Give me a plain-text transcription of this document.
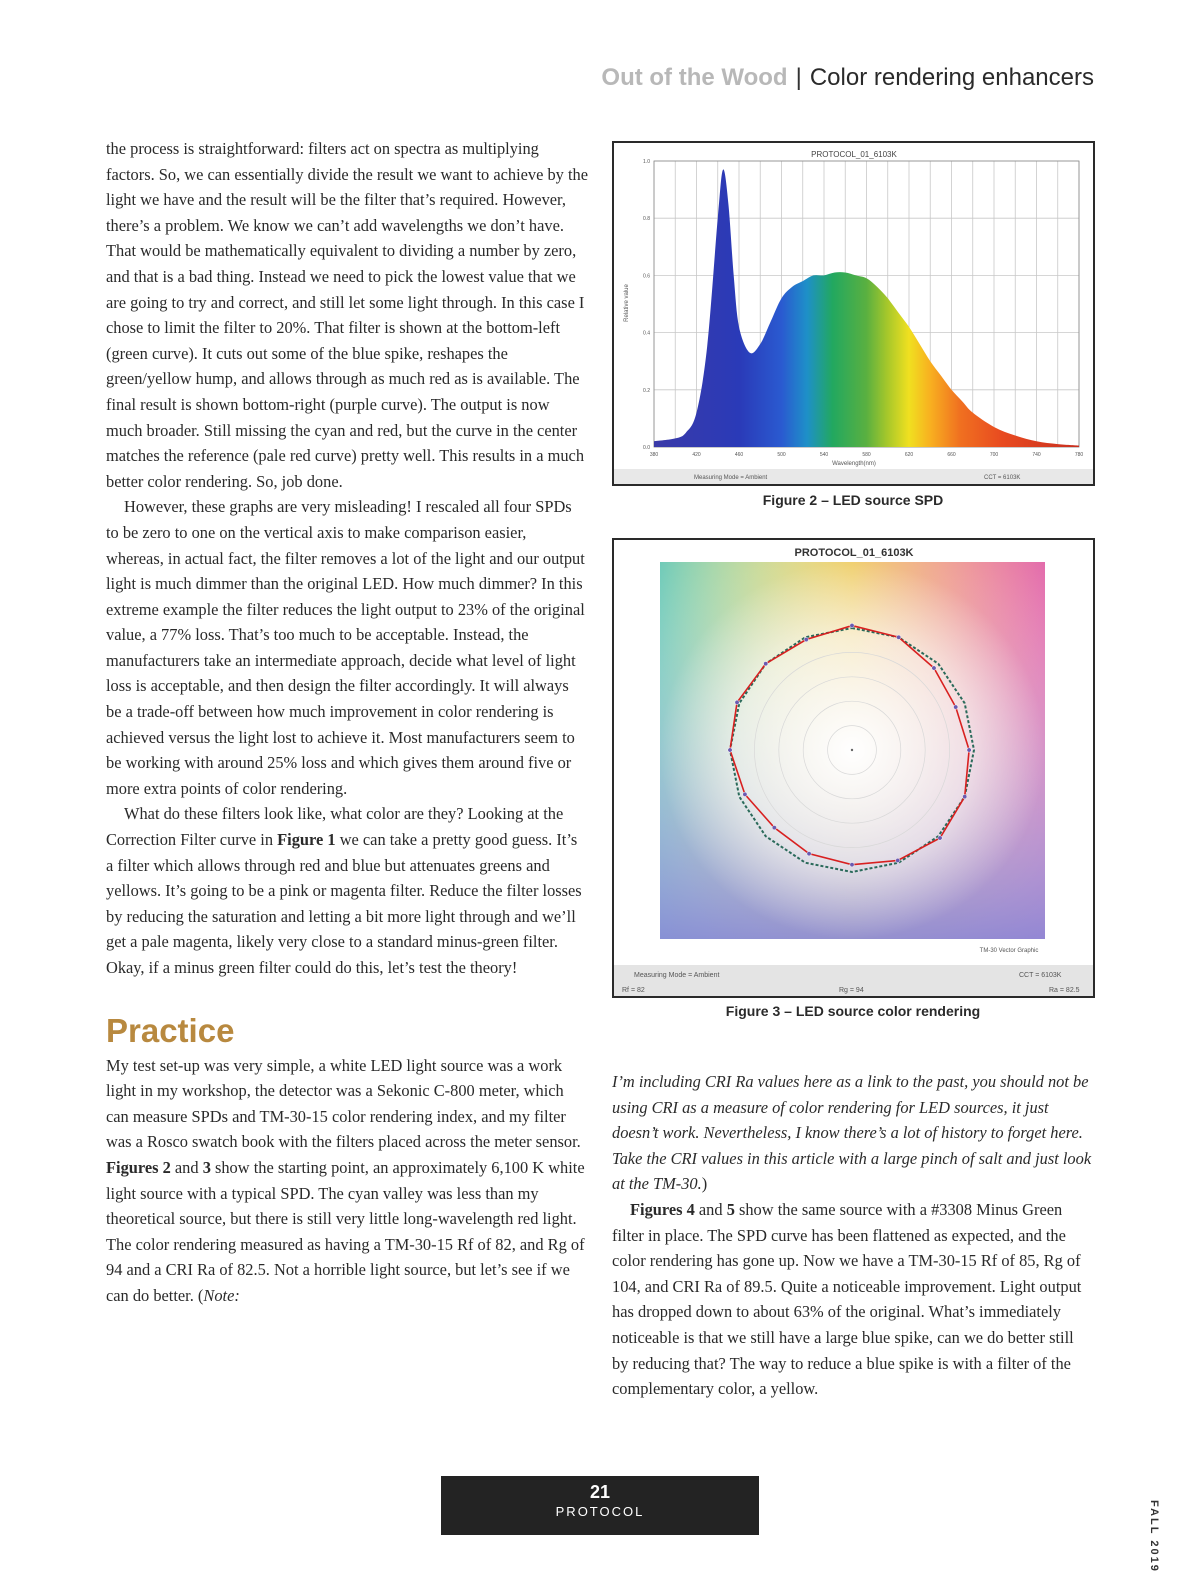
Out of the Wood | Color rendering enhancers

the process is straightforward: filters act on spectra as multiplying factors. So, we can essentially divide the result we want to achieve by the light we have and the result will be the filter that’s required. However, there’s a problem. We know we can’t add wavelengths we don’t have. That would be mathematically equivalent to dividing a number by zero, and that is a bad thing. Instead we need to pick the lowest value that we are going to try and correct, and still let some light through. In this case I chose to limit the filter to 20%. That filter is shown at the bottom-left (green curve). It cuts out some of the blue spike, reshapes the green/yellow hump, and allows through as much red as is available. The final result is shown bottom-right (purple curve). The output is now much broader. Still missing the cyan and red, but the curve in the center matches the reference (pale red curve) pretty well. This results in a much better color rendering. So, job done.

However, these graphs are very misleading! I rescaled all four SPDs to be zero to one on the vertical axis to make comparison easier, whereas, in actual fact, the filter removes a lot of the light and our output light is much dimmer than the original LED. How much dimmer? In this extreme example the filter reduces the light output to 23% of the original value, a 77% loss. That’s too much to be acceptable. Instead, the manufacturers take an intermediate approach, decide what level of light loss is acceptable, and then design the filter accordingly. It will always be a trade-off between how much improvement in color rendering is achieved versus the light lost to achieve it. Most manufacturers seem to be working with around 25% loss and which gives them around five or more extra points of color rendering.

What do these filters look like, what color are they? Looking at the Correction Filter curve in Figure 1 we can take a pretty good guess. It’s a filter which allows through red and blue but attenuates greens and yellows. It’s going to be a pink or magenta filter. Reduce the filter losses by reducing the saturation and letting a bit more light through and we’ll get a pale magenta, likely very close to a standard minus-green filter. Okay, if a minus green filter could do this, let’s test the theory!

Practice

My test set-up was very simple, a white LED light source was a work light in my workshop, the detector was a Sekonic C-800 meter, which can measure SPDs and TM-30-15 color rendering index, and my filter was a Rosco swatch book with the filters placed across the meter sensor. Figures 2 and 3 show the starting point, an approximately 6,100 K white light source with a typical SPD. The cyan valley was less than my theoretical source, but there is still very little long-wavelength red light. The color rendering measured as having a TM-30-15 Rf of 82, and Rg of 94 and a CRI Ra of 82.5. Not a horrible light source, but let’s see if we can do better. (Note:

PROTOCOL_01_6103K
0.0
0.2
0.4
0.6
0.8
1.0
380	420	460	500	540	580	620	660	700	740	780
Wavelength(nm)
Relative value
Measuring Mode = Ambient	CCT = 6103K
Figure 2 – LED source SPD
PROTOCOL_01_6103K
TM-30 Vector Graphic
Measuring Mode = Ambient	CCT = 6103K
Rf = 82	Rg = 94	Ra = 82.5
Figure 3 – LED source color rendering

I’m including CRI Ra values here as a link to the past, you should not be using CRI as a measure of color rendering for LED sources, it just doesn’t work. Nevertheless, I know there’s a lot of history to forget here. Take the CRI values in this article with a large pinch of salt and just look at the TM-30.)

Figures 4 and 5 show the same source with a #3308 Minus Green filter in place. The SPD curve has been flattened as expected, and the color rendering has gone up. Now we have a TM-30-15 Rf of 85, Rg of 104, and CRI Ra of 89.5. Quite a noticeable improvement. Light output has dropped down to about 63% of the original. What’s immediately noticeable is that we still have a large blue spike, can we do better still by reducing that? The way to reduce a blue spike is with a filter of the complementary color, a yellow.

21
PROTOCOL	FALL 2019
